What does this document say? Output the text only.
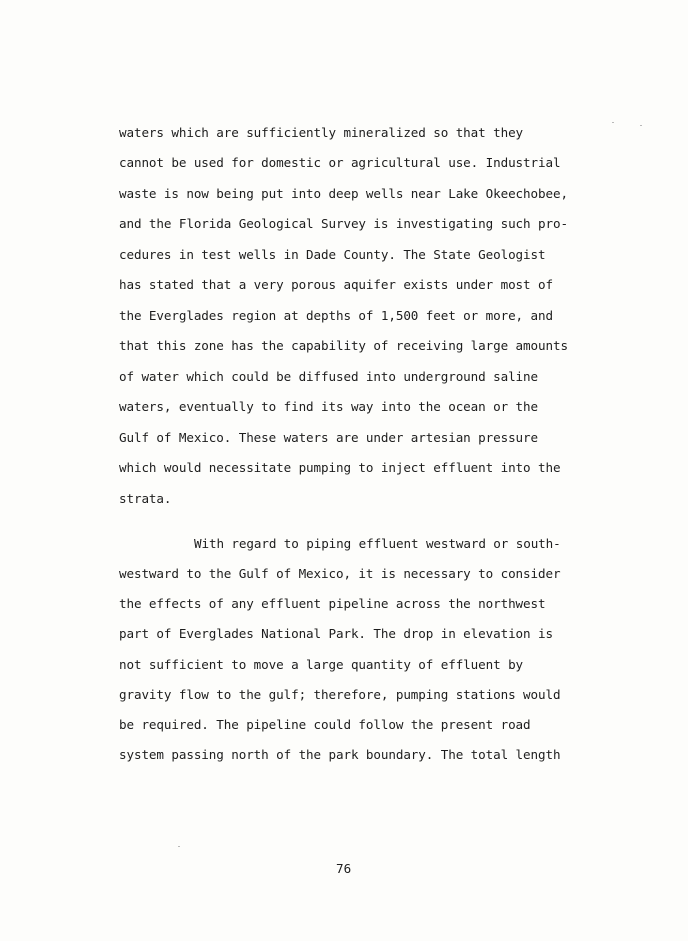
waters which are sufficiently mineralized so that they
cannot be used for domestic or agricultural use. Industrial
waste is now being put into deep wells near Lake Okeechobee,
and the Florida Geological Survey is investigating such pro-
cedures in test wells in Dade County. The State Geologist
has stated that a very porous aquifer exists under most of
the Everglades region at depths of 1,500 feet or more, and
that this zone has the capability of receiving large amounts
of water which could be diffused into underground saline
waters, eventually to find its way into the ocean or the
Gulf of Mexico. These waters are under artesian pressure
which would necessitate pumping to inject effluent into the
strata.
With regard to piping effluent westward or south-
westward to the Gulf of Mexico, it is necessary to consider
the effects of any effluent pipeline across the northwest
part of Everglades National Park. The drop in elevation is
not sufficient to move a large quantity of effluent by
gravity flow to the gulf; therefore, pumping stations would
be required. The pipeline could follow the present road
system passing north of the park boundary. The total length
76
